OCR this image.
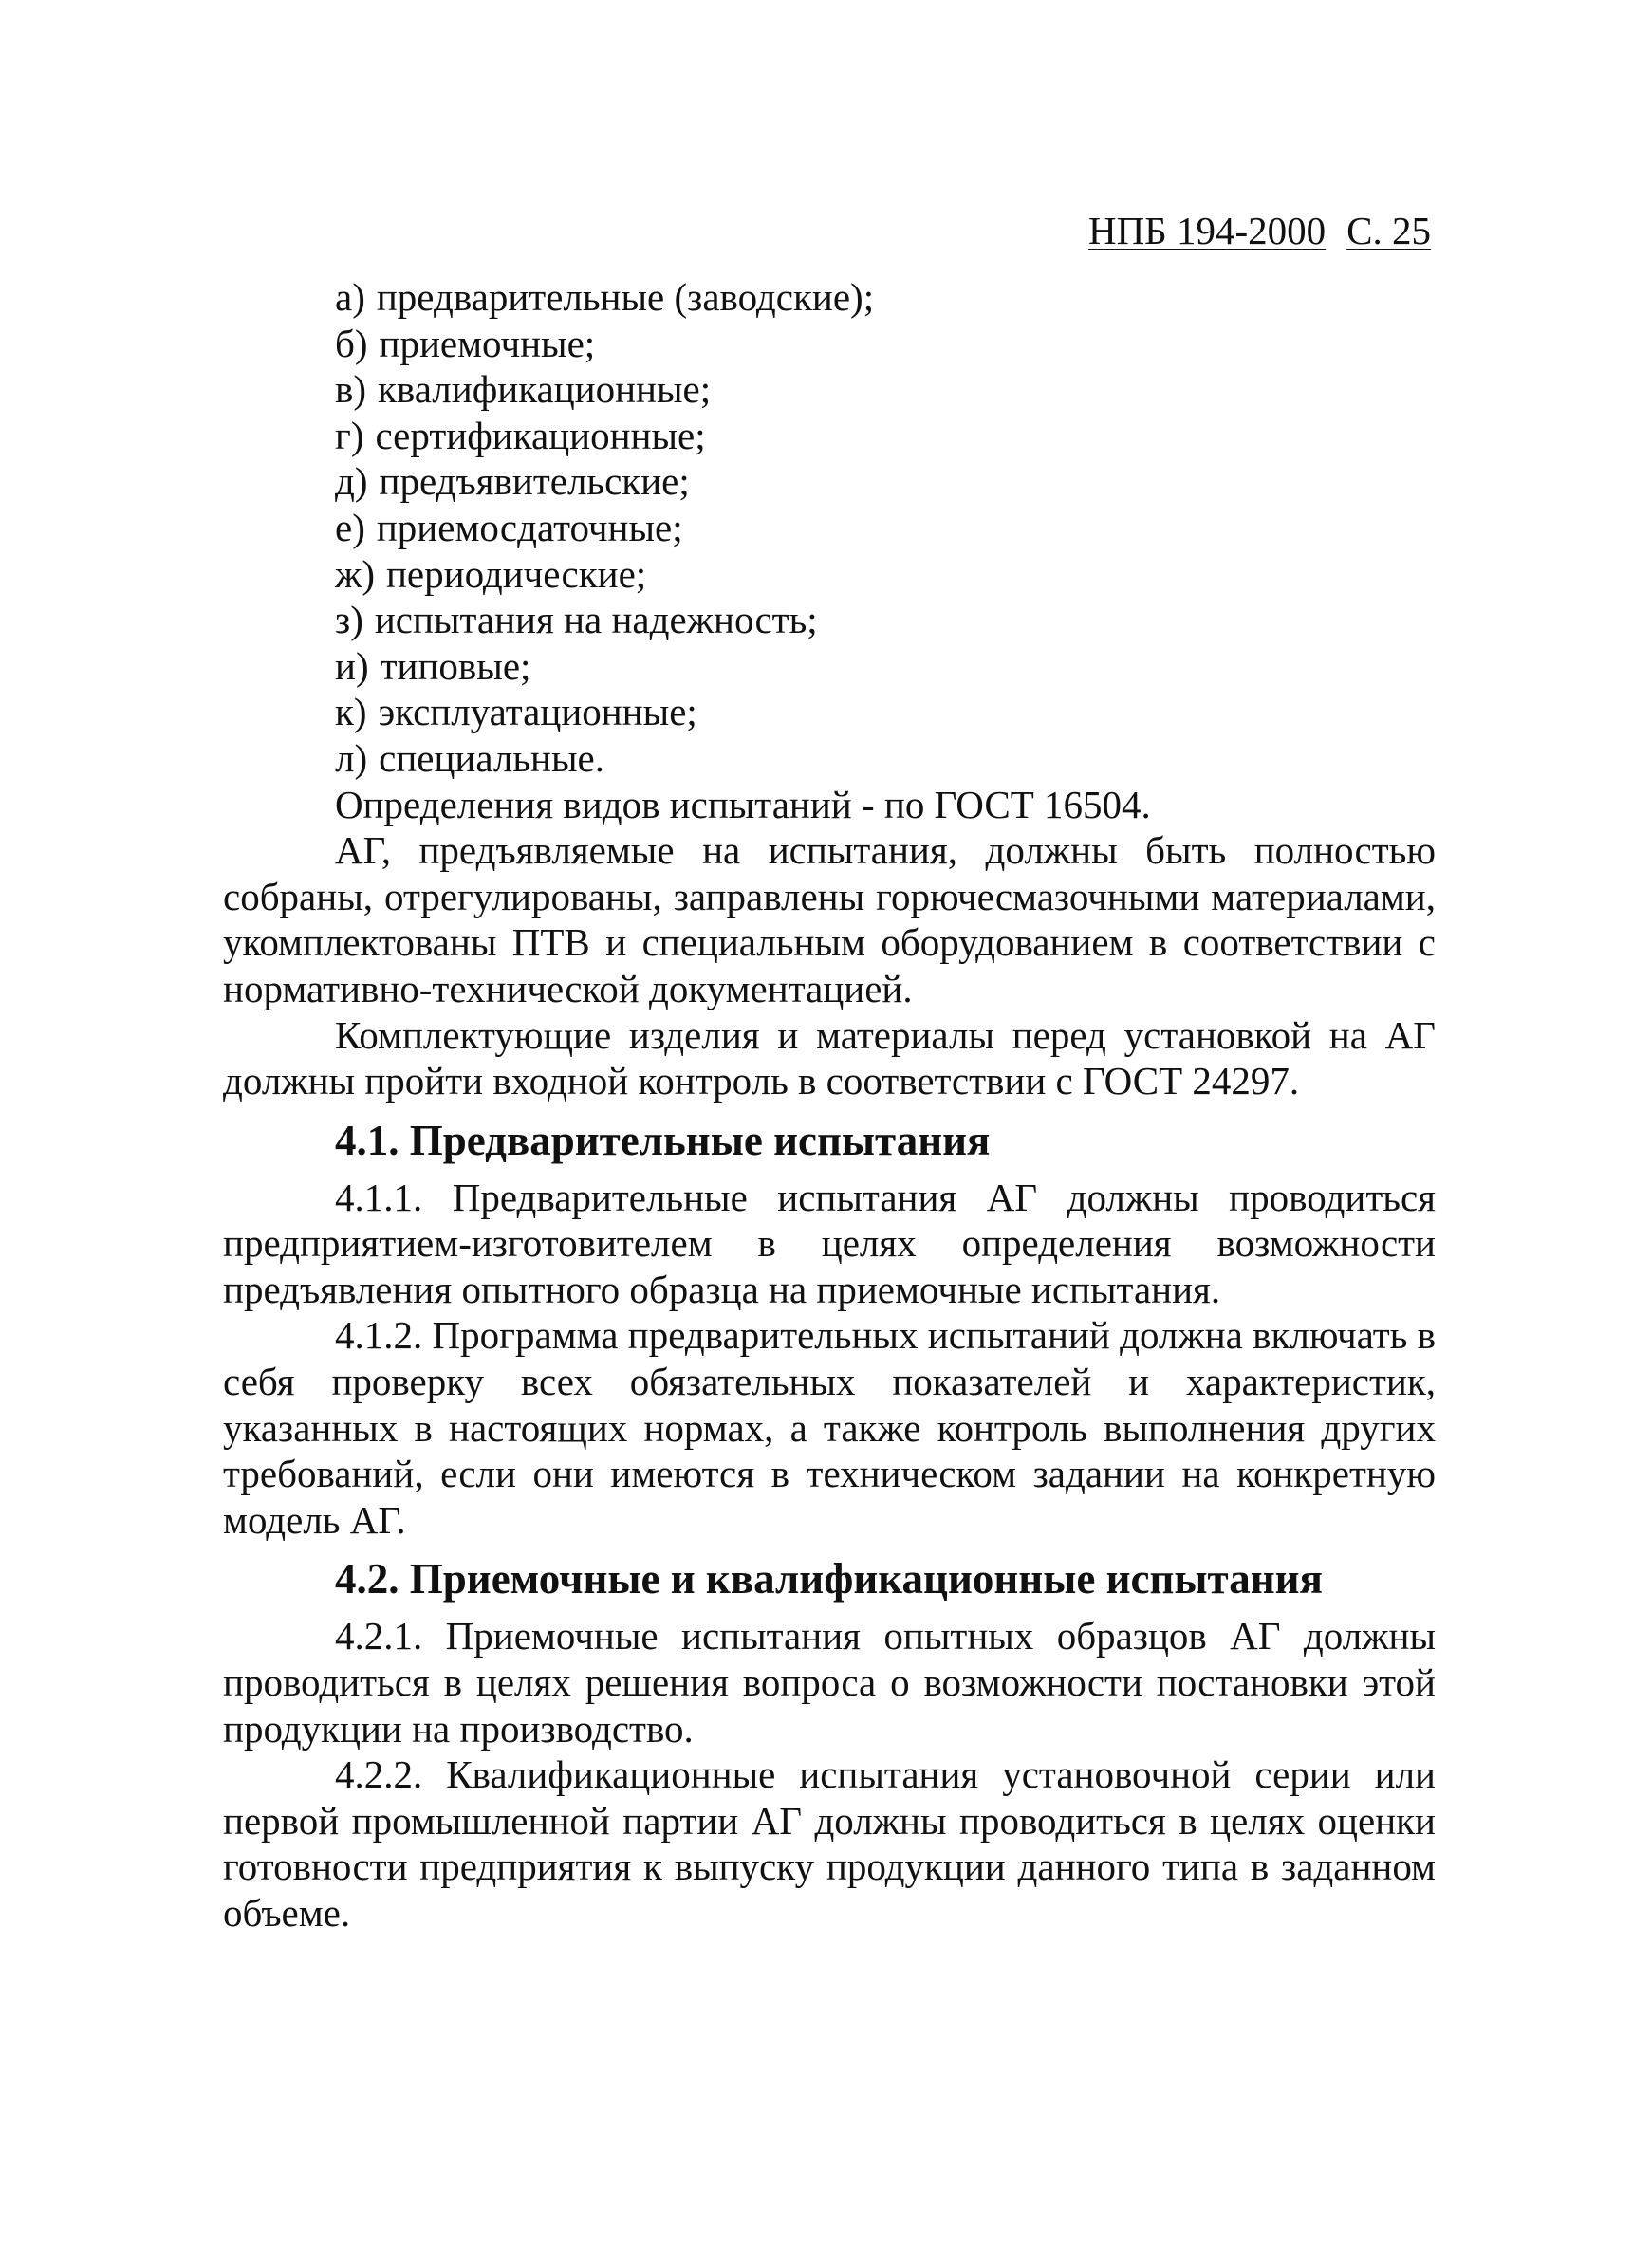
НПБ 194-2000 С. 25
а) предварительные (заводские);
б) приемочные;
в) квалификационные;
г) сертификационные;
д) предъявительские;
е) приемосдаточные;
ж) периодические;
з) испытания на надежность;
и) типовые;
к) эксплуатационные;
л) специальные.

Определения видов испытаний - по ГОСТ 16504.

АГ, предъявляемые на испытания, должны быть полностью собраны, отрегулированы, заправлены горючесмазочными материалами, укомплектованы ПТВ и специальным оборудованием в соответствии с нормативно-технической документацией.

Комплектующие изделия и материалы перед установкой на АГ должны пройти входной контроль в соответствии с ГОСТ 24297.

4.1. Предварительные испытания

4.1.1. Предварительные испытания АГ должны проводиться предприятием-изготовителем в целях определения возможности предъявления опытного образца на приемочные испытания.

4.1.2. Программа предварительных испытаний должна включать в себя проверку всех обязательных показателей и характеристик, указанных в настоящих нормах, а также контроль выполнения других требований, если они имеются в техническом задании на конкретную модель АГ.

4.2. Приемочные и квалификационные испытания

4.2.1. Приемочные испытания опытных образцов АГ должны проводиться в целях решения вопроса о возможности постановки этой продукции на производство.

4.2.2. Квалификационные испытания установочной серии или первой промышленной партии АГ должны проводиться в целях оценки готовности предприятия к выпуску продукции данного типа в заданном объеме.
